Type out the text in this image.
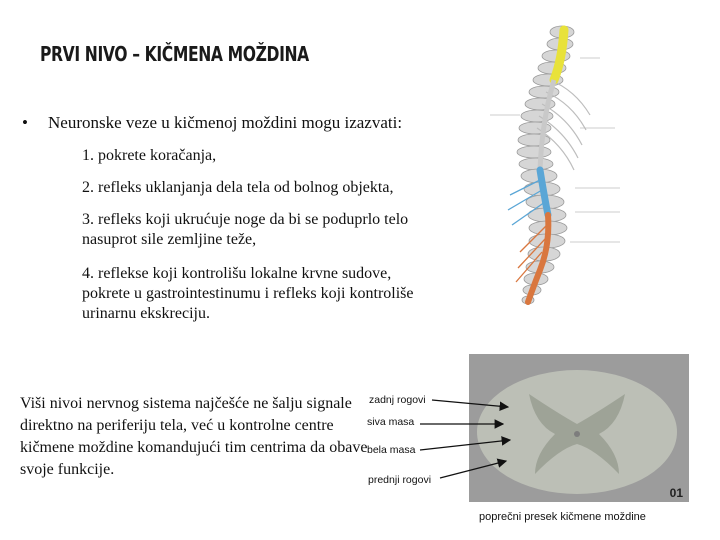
PRVI NIVO – KIČMENA MOŽDINA
• Neuronske veze u kičmenoj moždini mogu izazvati:
1. pokrete koračanja,
2. refleks uklanjanja dela tela od bolnog objekta,
3. refleks koji ukrućuje noge da bi se poduprlo telo
nasuprot sile zemljine teže,
4. reflekse koji kontrolišu lokalne krvne sudove,
pokrete u gastrointestinumu i refleks koji kontroliše
urinarnu ekskreciju.
01
zadnj rogovi
siva masa
bela masa
prednji rogovi
Viši nivoi nervnog sistema najčešće ne šalju signale direktno na periferiju tela, već u kontrolne centre kičmene moždine komandujući tim centrima da obave svoje funkcije.
poprečni presek kičmene moždine
